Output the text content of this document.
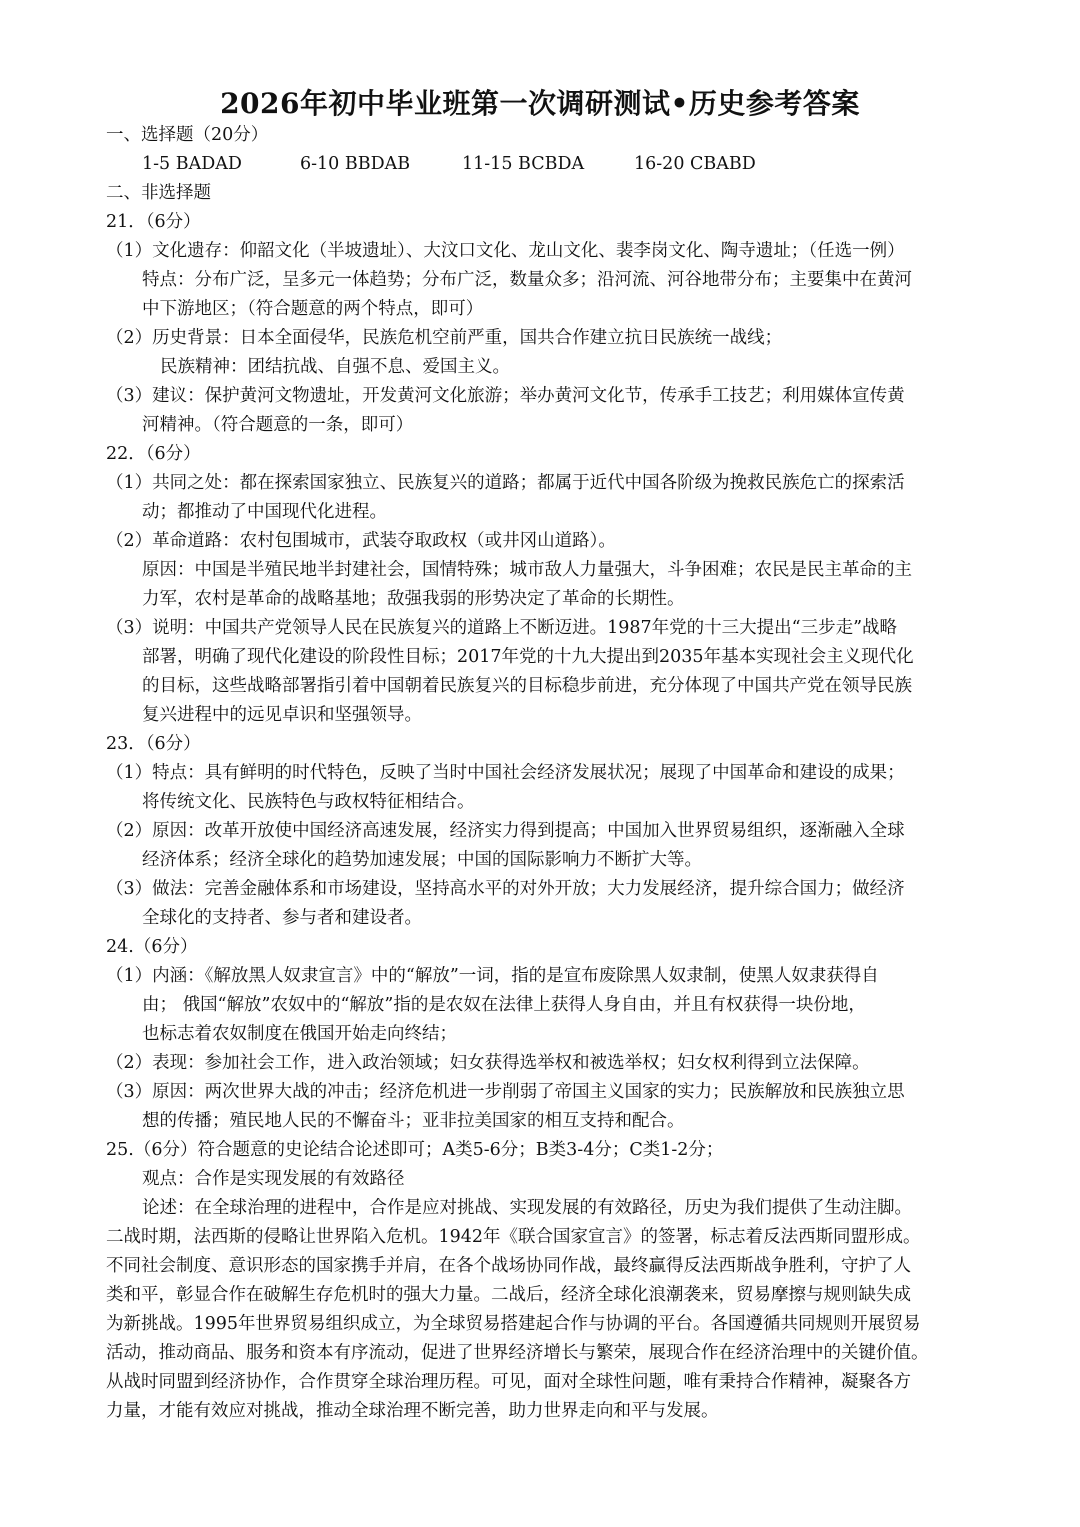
2026年初中毕业班第一次调研测试•历史参考答案
一、选择题（20分）
1-5 BADAD	6-10 BBDAB	11-15 BCBDA	16-20 CBABD
二、非选择题
21．（6分）
（1）文化遗存：仰韶文化（半坡遗址）、大汶口文化、龙山文化、裴李岗文化、陶寺遗址；（任选一例）
特点：分布广泛，呈多元一体趋势；分布广泛，数量众多；沿河流、河谷地带分布；主要集中在黄河
中下游地区；（符合题意的两个特点，即可）
（2）历史背景：日本全面侵华，民族危机空前严重，国共合作建立抗日民族统一战线；
民族精神：团结抗战、自强不息、爱国主义。
（3）建议：保护黄河文物遗址，开发黄河文化旅游；举办黄河文化节，传承手工技艺；利用媒体宣传黄
河精神。（符合题意的一条，即可）
22．（6分）
（1）共同之处：都在探索国家独立、民族复兴的道路；都属于近代中国各阶级为挽救民族危亡的探索活
动；都推动了中国现代化进程。
（2）革命道路：农村包围城市，武装夺取政权（或井冈山道路）。
原因：中国是半殖民地半封建社会，国情特殊；城市敌人力量强大，斗争困难；农民是民主革命的主
力军，农村是革命的战略基地；敌强我弱的形势决定了革命的长期性。
（3）说明：中国共产党领导人民在民族复兴的道路上不断迈进。1987年党的十三大提出“三步走”战略
部署，明确了现代化建设的阶段性目标；2017年党的十九大提出到2035年基本实现社会主义现代化
的目标，这些战略部署指引着中国朝着民族复兴的目标稳步前进，充分体现了中国共产党在领导民族
复兴进程中的远见卓识和坚强领导。
23．（6分）
（1）特点：具有鲜明的时代特色，反映了当时中国社会经济发展状况；展现了中国革命和建设的成果；
将传统文化、民族特色与政权特征相结合。
（2）原因：改革开放使中国经济高速发展，经济实力得到提高；中国加入世界贸易组织，逐渐融入全球
经济体系；经济全球化的趋势加速发展；中国的国际影响力不断扩大等。
（3）做法：完善金融体系和市场建设，坚持高水平的对外开放；大力发展经济，提升综合国力；做经济
全球化的支持者、参与者和建设者。
24.（6分）
（1）内涵：《解放黑人奴隶宣言》中的“解放”一词，指的是宣布废除黑人奴隶制，使黑人奴隶获得自
由； 俄国“解放”农奴中的“解放”指的是农奴在法律上获得人身自由，并且有权获得一块份地，
也标志着农奴制度在俄国开始走向终结；
（2）表现：参加社会工作，进入政治领域；妇女获得选举权和被选举权；妇女权利得到立法保障。
（3）原因：两次世界大战的冲击；经济危机进一步削弱了帝国主义国家的实力；民族解放和民族独立思
想的传播；殖民地人民的不懈奋斗；亚非拉美国家的相互支持和配合。
25.（6分）符合题意的史论结合论述即可；A类5-6分；B类3-4分；C类1-2分；
观点：合作是实现发展的有效路径
论述：在全球治理的进程中，合作是应对挑战、实现发展的有效路径，历史为我们提供了生动注脚。
二战时期，法西斯的侵略让世界陷入危机。1942年《联合国家宣言》的签署，标志着反法西斯同盟形成。
不同社会制度、意识形态的国家携手并肩，在各个战场协同作战，最终赢得反法西斯战争胜利，守护了人
类和平，彰显合作在破解生存危机时的强大力量。二战后，经济全球化浪潮袭来，贸易摩擦与规则缺失成
为新挑战。1995年世界贸易组织成立，为全球贸易搭建起合作与协调的平台。各国遵循共同规则开展贸易
活动，推动商品、服务和资本有序流动，促进了世界经济增长与繁荣，展现合作在经济治理中的关键价值。
从战时同盟到经济协作，合作贯穿全球治理历程。可见，面对全球性问题，唯有秉持合作精神，凝聚各方
力量，才能有效应对挑战，推动全球治理不断完善，助力世界走向和平与发展。
